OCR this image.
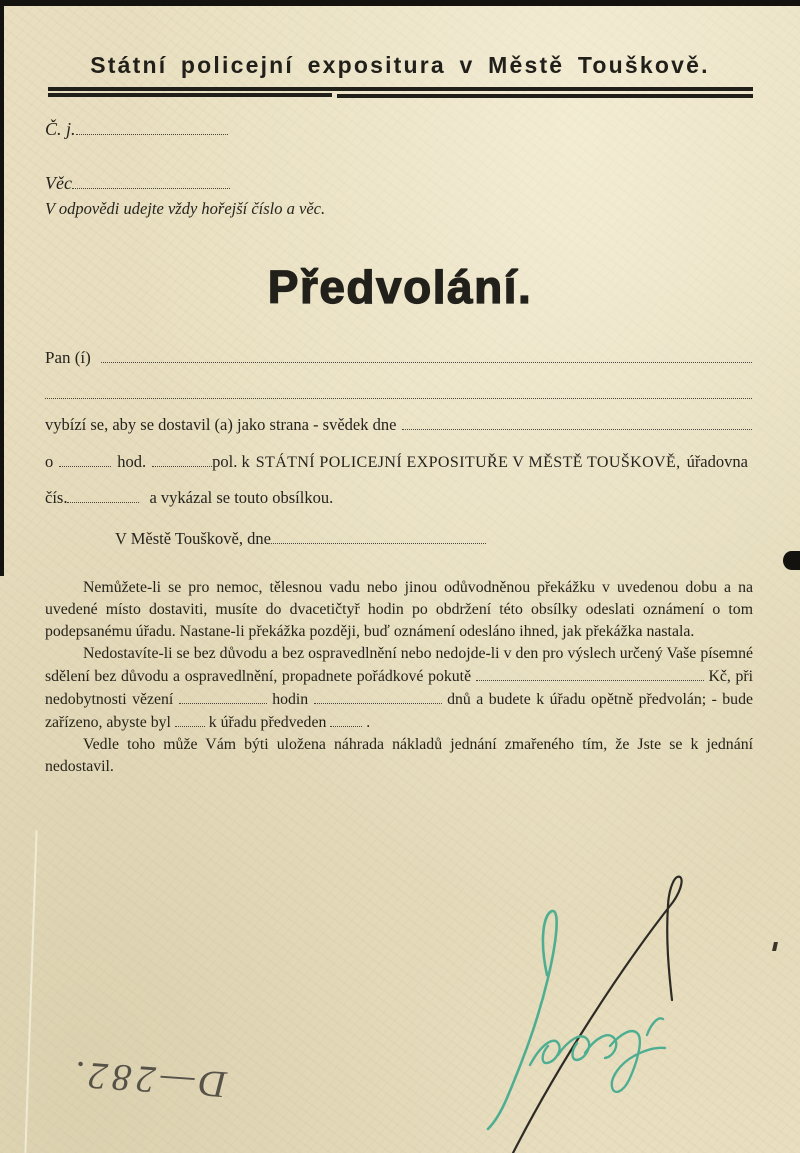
Státní policejní expositura v Městě Touškově.
Č. j.
Věc
V odpovědi udejte vždy hořejší číslo a věc.
Předvolání.
Pan (í)
vybízí se, aby se dostavil (a) jako strana - svědek dne
o	hod.	pol. k STÁTNÍ POLICEJNÍ EXPOSITUŘE V MĚSTĚ TOUŠKOVĚ, úřadovna
čís.	a vykázal se touto obsílkou.
V Městě Touškově, dne

Nemůžete-li se pro nemoc, tělesnou vadu nebo jinou odůvodněnou překážku v uvedenou dobu a na uvedené místo dostaviti, musíte do dvacetičtyř hodin po obdržení této obsílky odeslati oznámení o tom podepsanému úřadu. Nastane-li překážka později, buď oznámení odesláno ihned, jak překážka nastala.

Nedostavíte-li se bez důvodu a bez ospravedlnění nebo nedojde-li v den pro výslech určený Vaše písemné sdělení bez důvodu a ospravedlnění, propadnete pořádkové pokutě	Kč, při nedobytnosti vězení	hodin	dnů a budete k úřadu opětně předvolán; - bude zařízeno, abyste byl k úřadu předveden	.

Vedle toho může Vám býti uložena náhrada nákladů jednání zmařeného tím, že Jste se k jednání nedostavil.

D—282.
